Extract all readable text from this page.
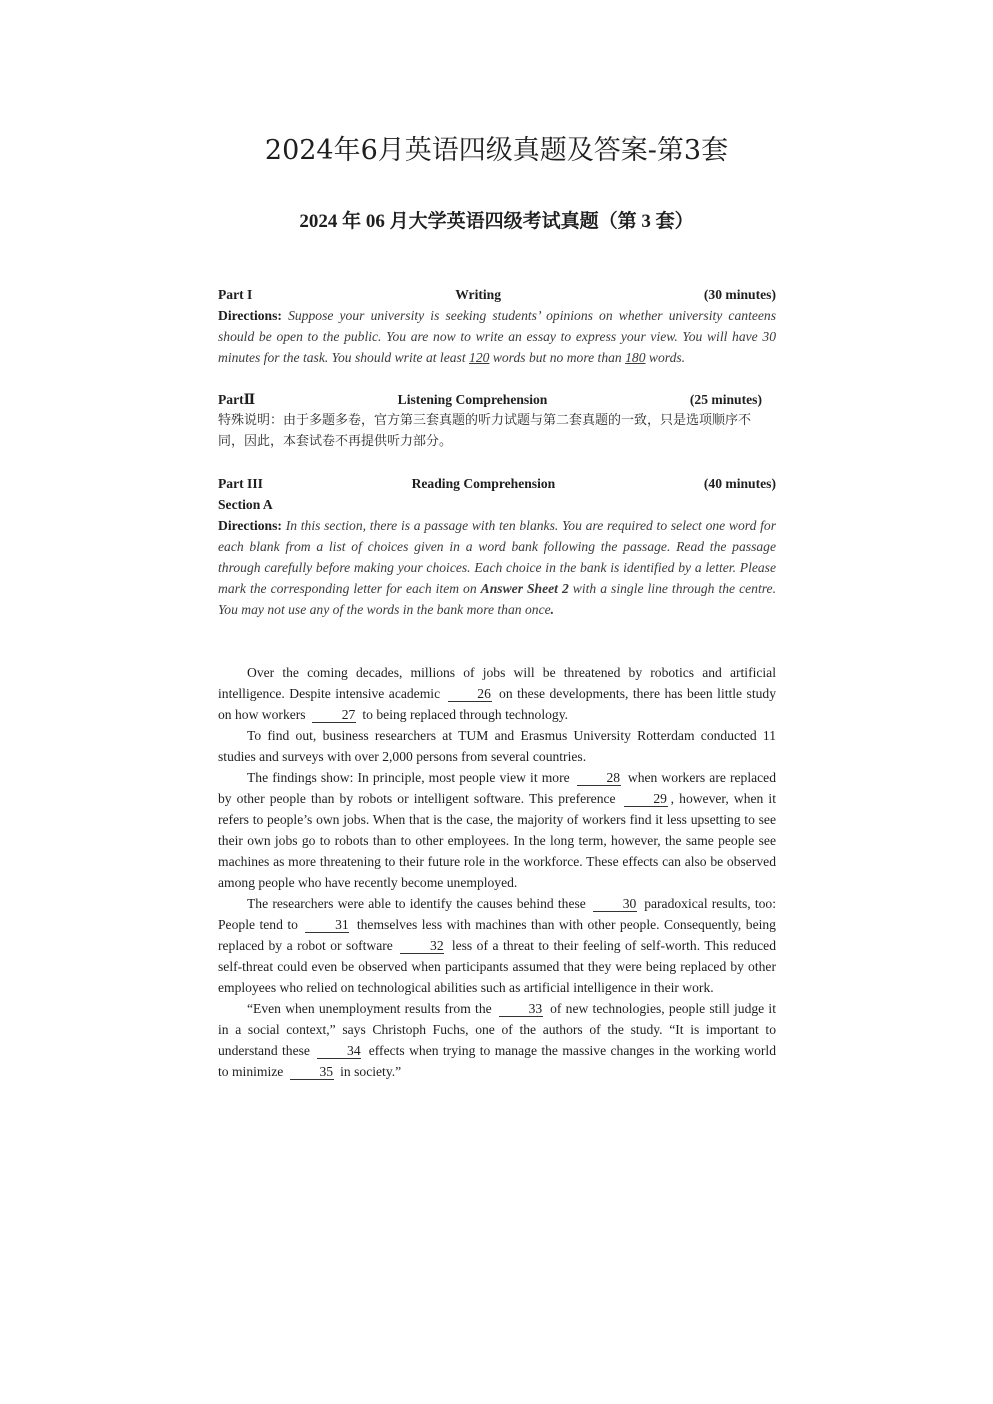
2024年6月英语四级真题及答案-第3套
2024 年 06 月大学英语四级考试真题（第 3 套）
Part I	Writing	(30 minutes)
Directions: Suppose your university is seeking students’ opinions on whether university canteens should be open to the public. You are now to write an essay to express your view. You will have 30 minutes for the task. You should write at least 120 words but no more than 180 words.
PartⅡ	Listening Comprehension	(25 minutes)
特殊说明：由于多题多卷，官方第三套真题的听力试题与第二套真题的一致，只是选项顺序不同，因此，本套试卷不再提供听力部分。
Part III	Reading Comprehension	(40 minutes)
Section A
Directions: In this section, there is a passage with ten blanks. You are required to select one word for each blank from a list of choices given in a word bank following the passage. Read the passage through carefully before making your choices. Each choice in the bank is identified by a letter. Please mark the corresponding letter for each item on Answer Sheet 2 with a single line through the centre. You may not use any of the words in the bank more than once.

Over the coming decades, millions of jobs will be threatened by robotics and artificial intelligence. Despite intensive academic	26 on these developments, there has been little study on how workers	27 to being replaced through technology.

To find out, business researchers at TUM and Erasmus University Rotterdam conducted 11 studies and surveys with over 2,000 persons from several countries.

The findings show: In principle, most people view it more	28 when workers are replaced by other people than by robots or intelligent software. This preference	29 , however, when it refers to people’s own jobs. When that is the case, the majority of workers find it less upsetting to see their own jobs go to robots than to other employees. In the long term, however, the same people see machines as more threatening to their future role in the workforce. These effects can also be observed among people who have recently become unemployed.

The researchers were able to identify the causes behind these	30 paradoxical results, too: People tend to	31 themselves less with machines than with other people. Consequently, being replaced by a robot or software	32 less of a threat to their feeling of self-worth. This reduced self-threat could even be observed when participants assumed that they were being replaced by other employees who relied on technological abilities such as artificial intelligence in their work.

“Even when unemployment results from the	33 of new technologies, people still judge it in a social context,” says Christoph Fuchs, one of the authors of the study. “It is important to understand these	34 effects when trying to manage the massive changes in the working world to minimize	35 in society.”
